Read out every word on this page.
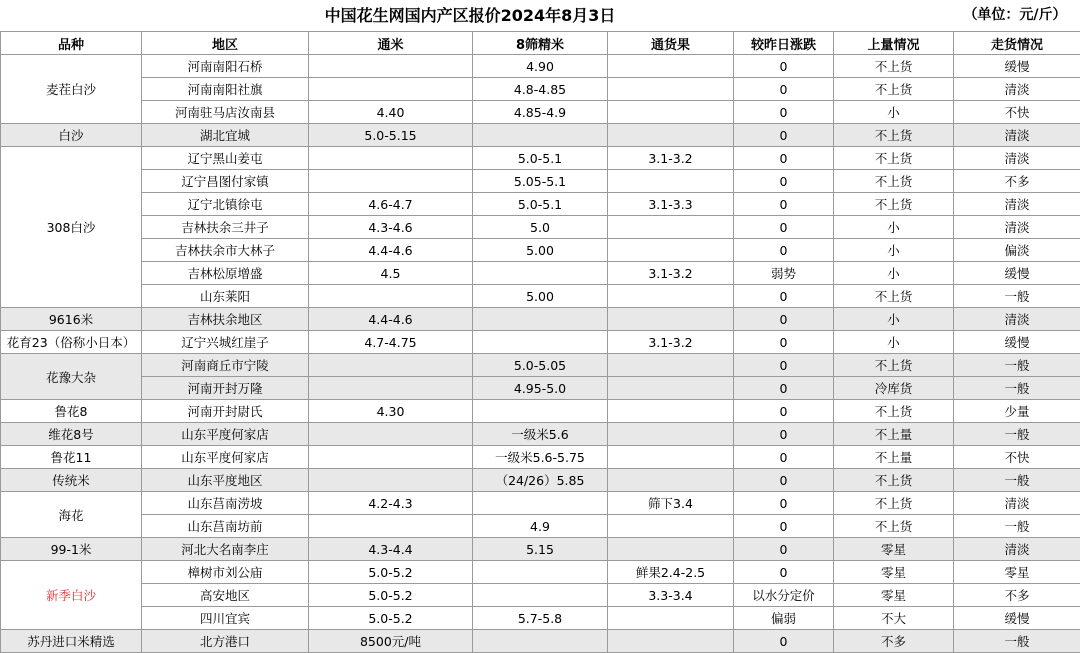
中国花生网国内产区报价2024年8月3日	（单位：元/斤）
品种	地区	通米	8筛精米	通货果	较昨日涨跌	上量情况	走货情况
麦茬白沙	河南南阳石桥		4.90		0	不上货	缓慢
	河南南阳社旗		4.8-4.85		0	不上货	清淡
	河南驻马店汝南县	4.40	4.85-4.9		0	小	不快
白沙	湖北宜城	5.0-5.15			0	不上货	清淡
308白沙	辽宁黑山姜屯		5.0-5.1	3.1-3.2	0	不上货	清淡
	辽宁昌图付家镇		5.05-5.1		0	不上货	不多
	辽宁北镇徐屯	4.6-4.7	5.0-5.1	3.1-3.3	0	不上货	清淡
	吉林扶余三井子	4.3-4.6	5.0		0	小	清淡
	吉林扶余市大林子	4.4-4.6	5.00		0	小	偏淡
	吉林松原增盛	4.5		3.1-3.2	弱势	小	缓慢
	山东莱阳		5.00		0	不上货	一般
9616米	吉林扶余地区	4.4-4.6			0	小	清淡
花育23（俗称小日本）	辽宁兴城红崖子	4.7-4.75		3.1-3.2	0	小	缓慢
花豫大杂	河南商丘市宁陵		5.0-5.05		0	不上货	一般
	河南开封万隆		4.95-5.0		0	冷库货	一般
鲁花8	河南开封尉氏	4.30			0	不上货	少量
维花8号	山东平度何家店		一级米5.6		0	不上量	一般
鲁花11	山东平度何家店		一级米5.6-5.75		0	不上量	不快
传统米	山东平度地区		（24/26）5.85		0	不上货	一般
海花	山东莒南涝坡	4.2-4.3		筛下3.4	0	不上货	清淡
	山东莒南坊前		4.9		0	不上货	一般
99-1米	河北大名南李庄	4.3-4.4	5.15		0	零星	清淡
新季白沙	樟树市刘公庙	5.0-5.2		鲜果2.4-2.5	0	零星	零星
	高安地区	5.0-5.2		3.3-3.4	以水分定价	零星	不多
	四川宜宾	5.0-5.2	5.7-5.8		偏弱	不大	缓慢
苏丹进口米精选	北方港口	8500元/吨			0	不多	一般
